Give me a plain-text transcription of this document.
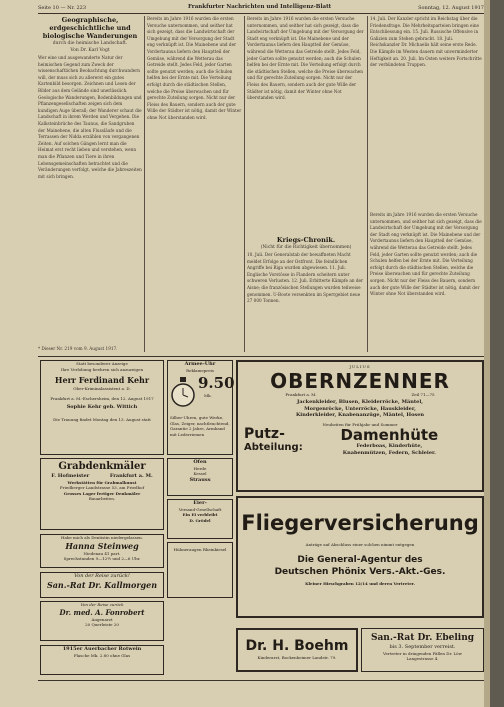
Seite 10 — Nr. 223	Frankfurter Nachrichten und Intelligenz-Blatt	Sonntag, 12. August 1917
Geographische, erdgeschichtliche und biologische Wanderungen
durch die heimische Landschaft.
Von Dr. Karl Vogt

Wer eine und ausgewanderte Natur der heimischen Gegend zum Zweck der wissenschaftlichen Beobachtung durchwandern will, der muss sich zu allererst ein gutes Kartenbild besorgen. Zeichnen und Lesen der Bilder aus dem Gelände sind unerlässlich. Geologische Wanderungen, Bodenbildungen und Pflanzengesellschaften zeigen sich dem kundigen Auge überall; der Wanderer schaut die Landschaft in ihrem Werden und Vergehen. Die Kalksteinbrüche des Taunus, die Sandgruben der Mainebene, die alten Flussläufe und die Terrassen der Nidda erzählen von vergangenen Zeiten. Auf solchen Gängen lernt man die Heimat erst recht lieben und verstehen, wenn man die Pflanzen und Tiere in ihren Lebensgemeinschaften betrachtet und die Veränderungen verfolgt, welche die Jahreszeiten mit sich bringen.

* Dieser Nr. 219 vom 9. August 1917.

Bereits im Jahre 1916 wurden die ersten Versuche unternommen, und seither hat sich gezeigt, dass die Landwirtschaft der Umgebung mit der Versorgung der Stadt eng verknüpft ist. Die Mainebene und der Vordertaunus liefern den Hauptteil der Gemüse, während die Wetterau das Getreide stellt. Jedes Feld, jeder Garten sollte genutzt werden; auch die Schulen helfen bei der Ernte mit. Die Verteilung erfolgt durch die städtischen Stellen, welche die Preise überwachen und für gerechte Zuteilung sorgen. Nicht nur der Fleiss des Bauern, sondern auch der gute Wille der Städter ist nötig, damit der Winter ohne Not überstanden wird.

Bereits im Jahre 1916 wurden die ersten Versuche unternommen, und seither hat sich gezeigt, dass die Landwirtschaft der Umgebung mit der Versorgung der Stadt eng verknüpft ist. Die Mainebene und der Vordertaunus liefern den Hauptteil der Gemüse, während die Wetterau das Getreide stellt. Jedes Feld, jeder Garten sollte genutzt werden; auch die Schulen helfen bei der Ernte mit. Die Verteilung erfolgt durch die städtischen Stellen, welche die Preise überwachen und für gerechte Zuteilung sorgen. Nicht nur der Fleiss des Bauern, sondern auch der gute Wille der Städter ist nötig, damit der Winter ohne Not überstanden wird.

Kriegs-Chronik.
(Nicht für die Richtigkeit übernommen)

10. Juli. Der Generalstab der bewaffneten Macht meldet Erfolge an der Ostfront. Die feindlichen Angriffe bei Riga wurden abgewiesen. 11. Juli. Englische Vorstösse in Flandern scheitern unter schweren Verlusten. 12. Juli. Erbitterte Kämpfe an der Aisne; die französischen Stellungen wurden teilweise genommen. U-Boote versenkten im Sperrgebiet neue 27 000 Tonnen.

14. Juli. Der Kanzler spricht im Reichstag über die Friedensfrage. Die Mehrheitsparteien bringen eine Entschliessung ein. 15. Juli. Russische Offensive in Galizien zum Stehen gebracht. 18. Juli. Reichskanzler Dr. Michaelis hält seine erste Rede. Die Kämpfe im Westen dauern mit unverminderter Heftigkeit an. 20. Juli. Im Osten weitere Fortschritte der verbündeten Truppen.

Bereits im Jahre 1916 wurden die ersten Versuche unternommen, und seither hat sich gezeigt, dass die Landwirtschaft der Umgebung mit der Versorgung der Stadt eng verknüpft ist. Die Mainebene und der Vordertaunus liefern den Hauptteil der Gemüse, während die Wetterau das Getreide stellt. Jedes Feld, jeder Garten sollte genutzt werden; auch die Schulen helfen bei der Ernte mit. Die Verteilung erfolgt durch die städtischen Stellen, welche die Preise überwachen und für gerechte Zuteilung sorgen. Nicht nur der Fleiss des Bauern, sondern auch der gute Wille der Städter ist nötig, damit der Winter ohne Not überstanden wird.

Statt besonderer Anzeige
Ihre Verlobung beehren sich anzuzeigen
Herr Ferdinand Kehr
Ober-Kriminalassistent a. D.
Frankfurt a. M.-Eschersheim, den 12. August 1917
Sophie Kehr geb. Wittich
Die Trauung findet Montag den 13. August statt
Armee-Uhr
Reklamepreis
9.50
Mk.
Silber-Uhren, gute Werke, Glas, Zeiger, nachtleuchtend, Garantie 2 Jahre, Armband mit Lederriemen
JULIUS
OBERNZENNER
Frankfurt a. M.	Zeil 71—75
Jackenkleider, Blusen, Kleiderröcke, Mäntel,
Morgenröcke, Unterröcke, Hauskleider,
Kinderkleider, Knabenanzüge, Mäntel, Hosen
Neuheiten für Frühjahr und Sommer
Putz-
Abteilung:
Damenhüte
Federboas, Kinderhüte,
Knabenmützen, Federn, Schleier.
Grabdenkmäler
F. Hofmeister	Frankfurt a. M.
Werkstätten für Grabmalkunst
Friedberger Landstrasse 53, am Friedhof
Grosses Lager fertiger Denkmäler
Bauarbeiten.
Ofen
Herde
Kessel
Strauss
Eier-
Versand-Gesellschaft
Ein Ei verbleibt
D. Grödel	Fliegerversicherung
Anträge auf Abschluss einer solchen nimmt entgegen
Die General-Agentur des
Deutschen Phönix Vers.-Akt.-Ges.
Kleiner Hirschgraben 12/14 und deren Vertreter.
Habe mich als Dentistin niedergelassen.
Hanna Steinweg
Niedenau 41 part.
Sprechstunden 9—12½ und 2—6 Uhr.
Von der Reise zurück!
San.-Rat Dr. Kallmorgen
Hühneraugen Rheinkiesel
Von der Reise zurück
Dr. med. A. Fonrobert
Augenarzt
20 Querleiste 20
1915er Auerbacher Rotwein
Flasche Mk. 2.80 ohne Glas
Dr. H. Boehm
Kinderarzt, Bockenheimer Landstr. 79.
San.-Rat Dr. Ebeling
bis 3. September verreist.
Vertreter in dringenden Fällen Dr. Löw
Langestrasse 4.
